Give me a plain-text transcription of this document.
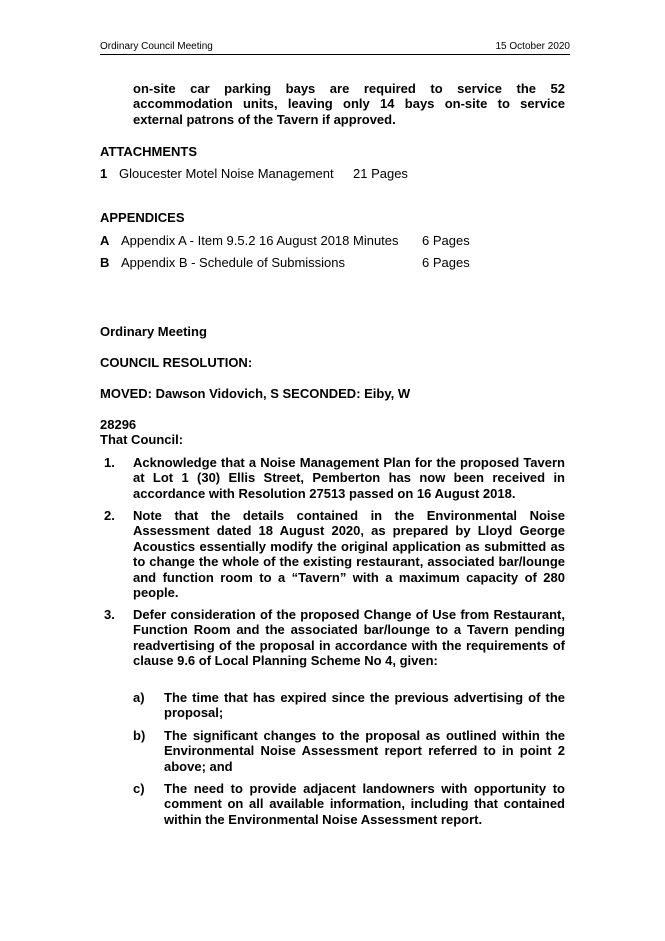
Ordinary Council Meeting	15 October 2020
on-site car parking bays are required to service the 52 accommodation units, leaving only 14 bays on-site to service external patrons of the Tavern if approved.
ATTACHMENTS
1 Gloucester Motel Noise Management 21 Pages
APPENDICES
A Appendix A - Item 9.5.2 16 August 2018 Minutes 6 Pages
B Appendix B - Schedule of Submissions	6 Pages
Ordinary Meeting
COUNCIL RESOLUTION:
MOVED: Dawson Vidovich, S SECONDED: Eiby, W
28296
That Council:
1. Acknowledge that a Noise Management Plan for the proposed Tavern at Lot 1 (30) Ellis Street, Pemberton has now been received in accordance with Resolution 27513 passed on 16 August 2018.
2. Note that the details contained in the Environmental Noise Assessment dated 18 August 2020, as prepared by Lloyd George Acoustics essentially modify the original application as submitted as to change the whole of the existing restaurant, associated bar/lounge and function room to a “Tavern” with a maximum capacity of 280 people.
3. Defer consideration of the proposed Change of Use from Restaurant, Function Room and the associated bar/lounge to a Tavern pending readvertising of the proposal in accordance with the requirements of clause 9.6 of Local Planning Scheme No 4, given:
a) The time that has expired since the previous advertising of the proposal;
b) The significant changes to the proposal as outlined within the Environmental Noise Assessment report referred to in point 2 above; and
c) The need to provide adjacent landowners with opportunity to comment on all available information, including that contained within the Environmental Noise Assessment report.
